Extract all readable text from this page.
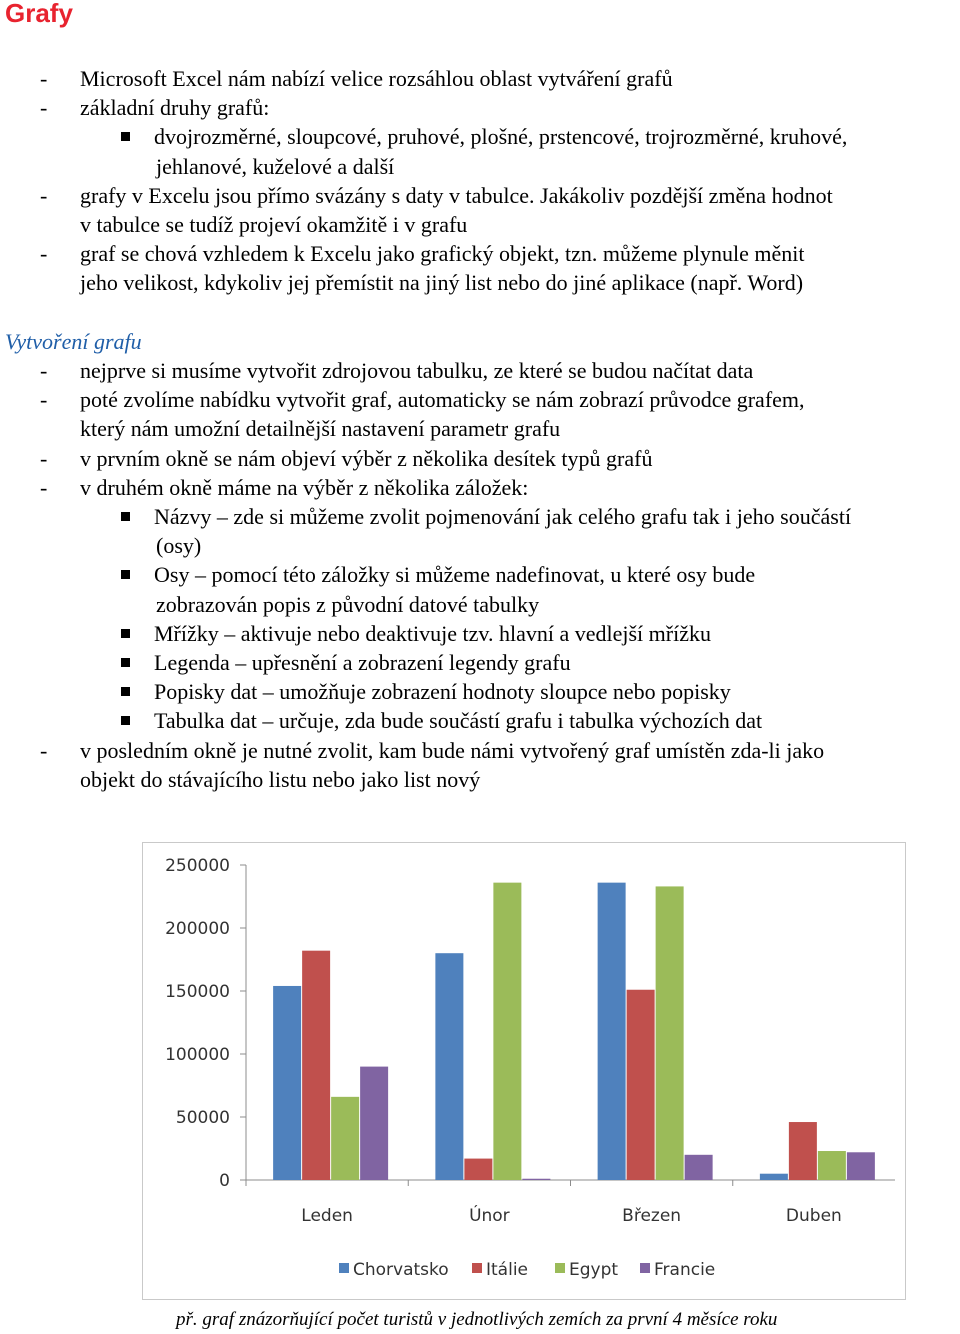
Grafy
- Microsoft Excel nám nabízí velice rozsáhlou oblast vytváření grafů
- základní druhy grafů:
dvojrozměrné, sloupcové, pruhové, plošné, prstencové, trojrozměrné, kruhové,
jehlanové, kuželové a další
- grafy v Excelu jsou přímo svázány s daty v tabulce. Jakákoliv pozdější změna hodnot
v tabulce se tudíž projeví okamžitě i v grafu
- graf se chová vzhledem k Excelu jako grafický objekt, tzn. můžeme plynule měnit
jeho velikost, kdykoliv jej přemístit na jiný list nebo do jiné aplikace (např. Word)
Vytvoření grafu
- nejprve si musíme vytvořit zdrojovou tabulku, ze které se budou načítat data
- poté zvolíme nabídku vytvořit graf, automaticky se nám zobrazí průvodce grafem,
který nám umožní detailnější nastavení parametr grafu
- v prvním okně se nám objeví výběr z několika desítek typů grafů
- v druhém okně máme na výběr z několika záložek:
Názvy – zde si můžeme zvolit pojmenování jak celého grafu tak i jeho součástí
(osy)
Osy – pomocí této záložky si můžeme nadefinovat, u které osy bude
zobrazován popis z původní datové tabulky
Mřížky – aktivuje nebo deaktivuje tzv. hlavní a vedlejší mřížku
Legenda – upřesnění a zobrazení legendy grafu
Popisky dat – umožňuje zobrazení hodnoty sloupce nebo popisky
Tabulka dat – určuje, zda bude součástí grafu i tabulka výchozích dat
- v posledním okně je nutné zvolit, kam bude námi vytvořený graf umístěn zda-li jako
objekt do stávajícího listu nebo jako list nový
250000
200000
150000
100000
50000
0
Leden	Únor	Březen	Duben
Chorvatsko Itálie Egypt Francie
př. graf znázorňující počet turistů v jednotlivých zemích za první 4 měsíce roku
